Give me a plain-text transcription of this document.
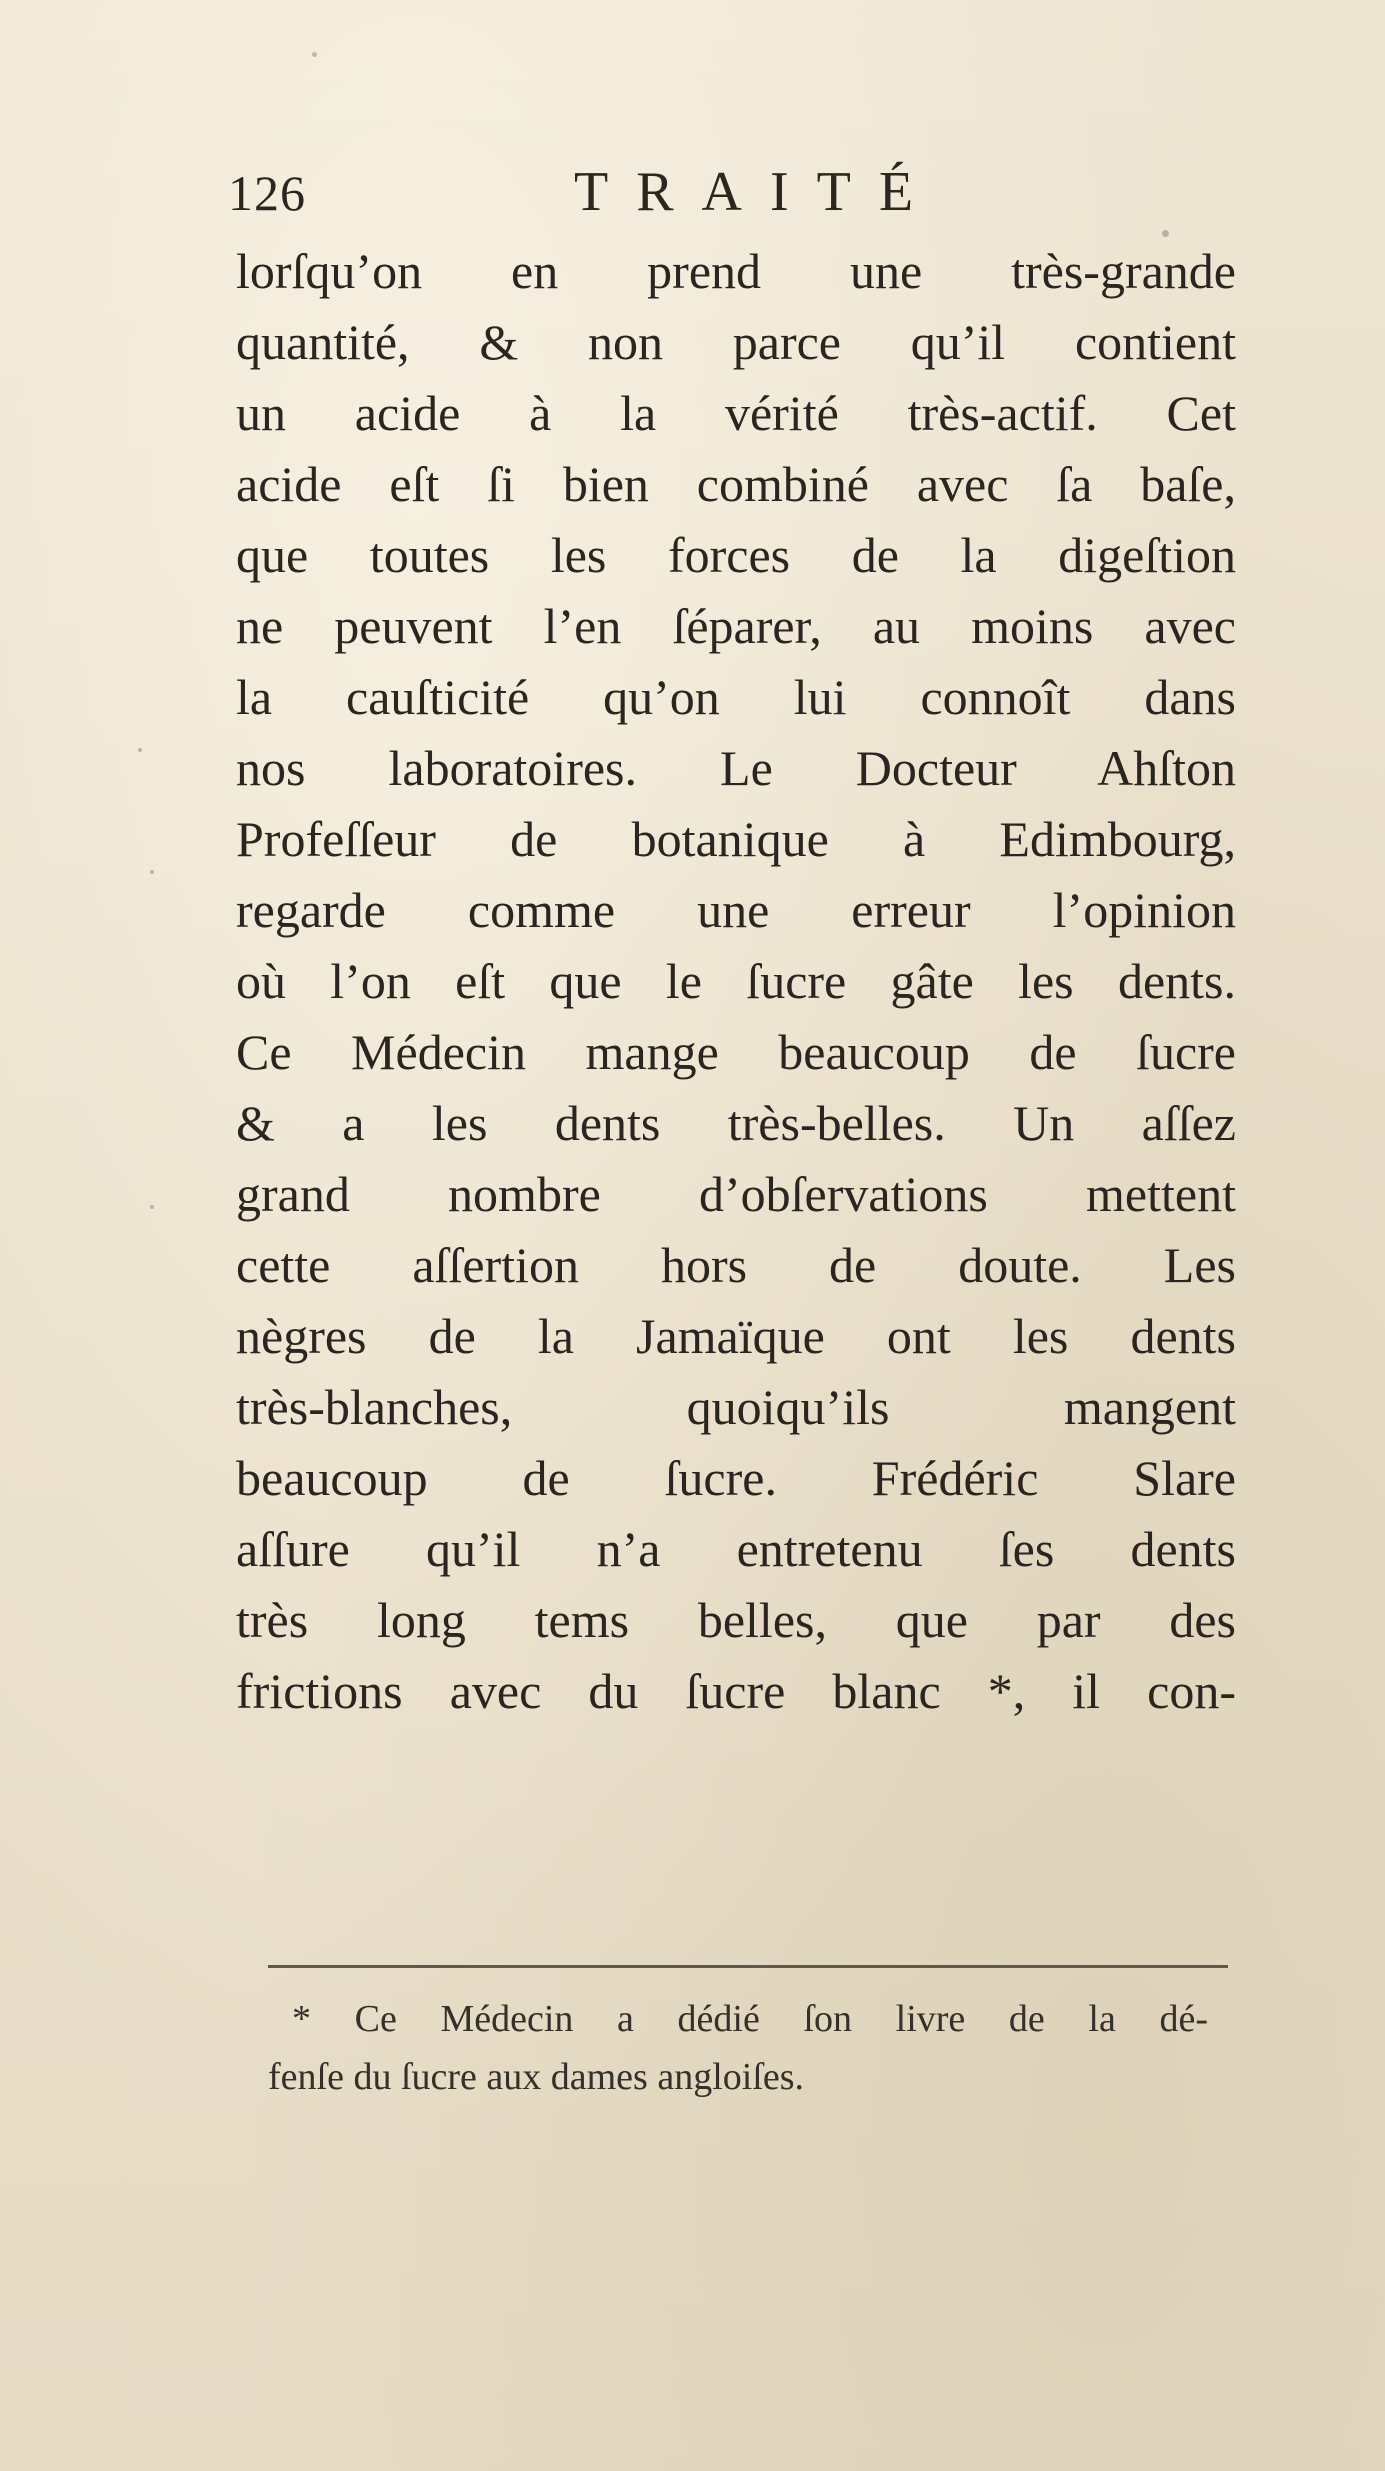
126	TRAITÉ
lorſqu’on en prend une très-grande
quantité, & non parce qu’il contient
un acide à la vérité très-actif. Cet
acide eſt ſi bien combiné avec ſa baſe,
que toutes les forces de la digeſtion
ne peuvent l’en ſéparer, au moins avec
la cauſticité qu’on lui connoît dans
nos laboratoires. Le Docteur Ahſton
Profeſſeur de botanique à Edimbourg,
regarde comme une erreur l’opinion
où l’on eſt que le ſucre gâte les dents.
Ce Médecin mange beaucoup de ſucre
& a les dents très-belles. Un aſſez
grand nombre d’obſervations mettent
cette aſſertion hors de doute. Les
nègres de la Jamaïque ont les dents
très-blanches, quoiqu’ils mangent
beaucoup de ſucre. Frédéric Slare
aſſure qu’il n’a entretenu ſes dents
très long tems belles, que par des
frictions avec du ſucre blanc *, il con-
* Ce Médecin a dédié ſon livre de la dé-
fenſe du ſucre aux dames angloiſes.
